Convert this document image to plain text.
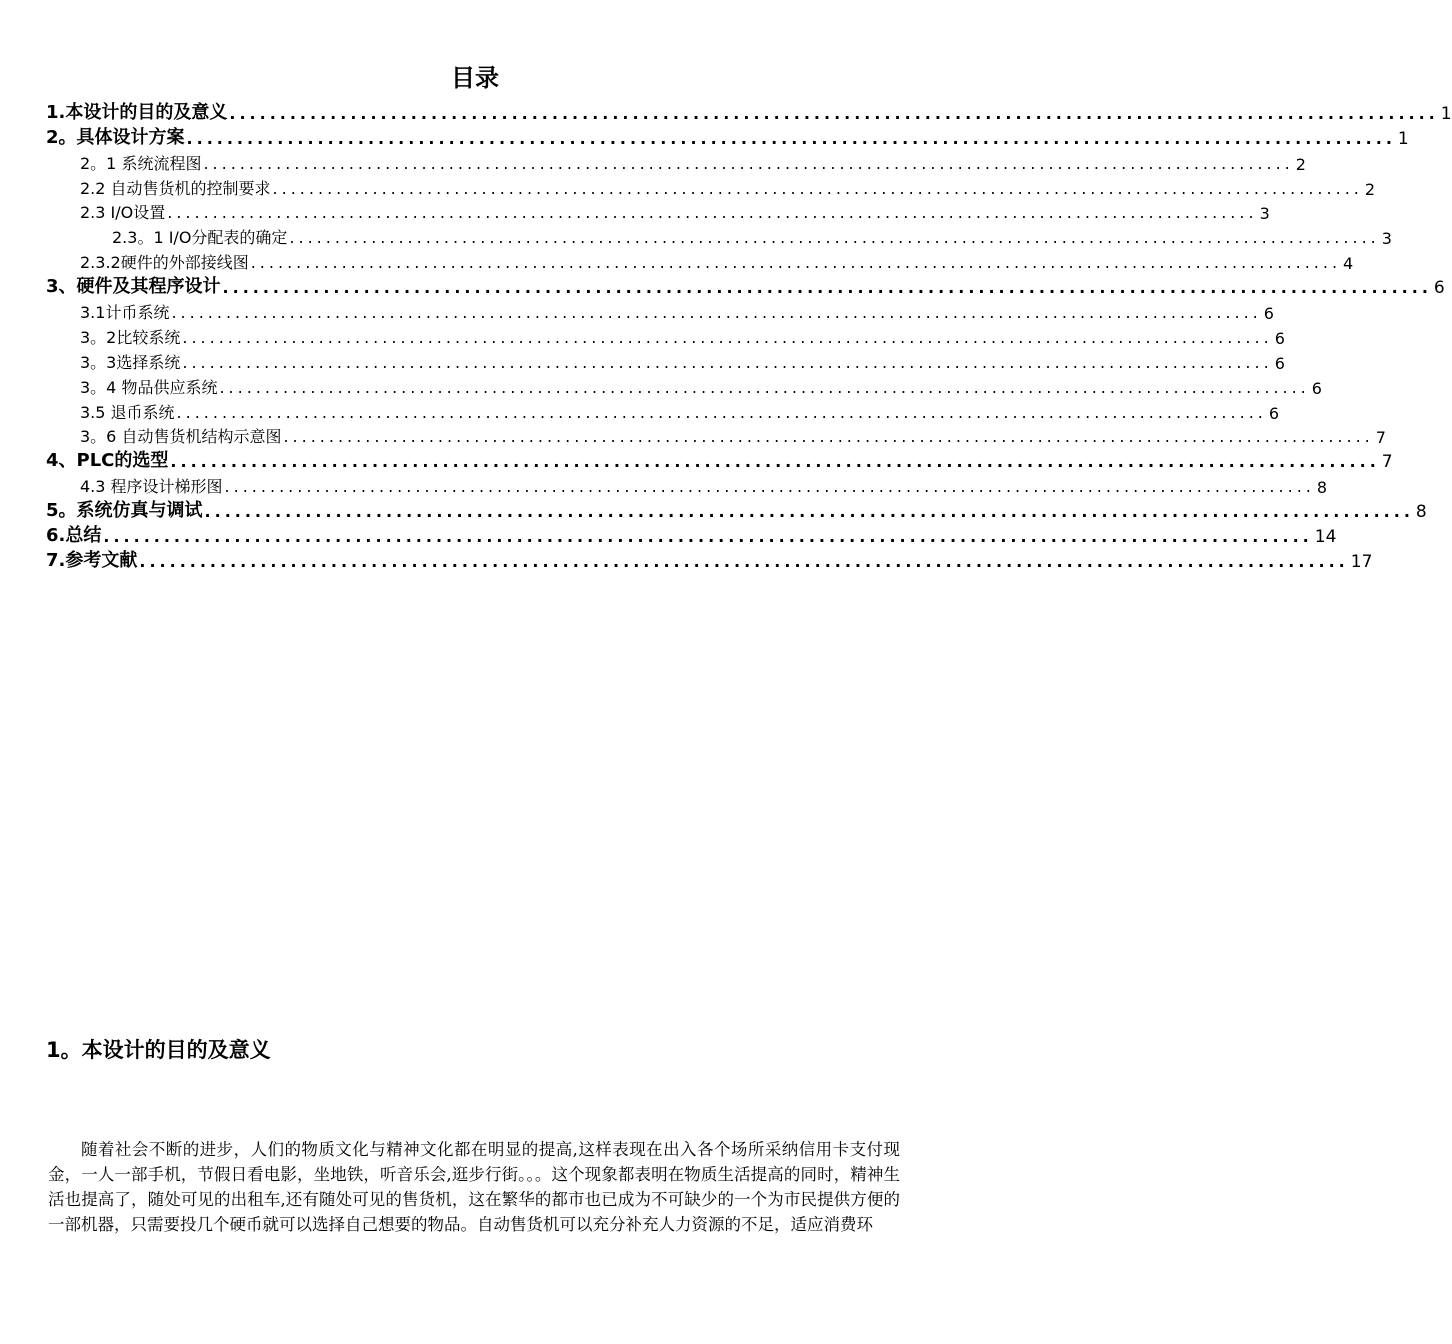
目录
1.本设计的目的及意义 ........................................................................................................................ 1
2。具体设计方案 ........................................................................................................................ 1
2。1 系统流程图 ........................................................................................................................ 2
2.2 自动售货机的控制要求 ........................................................................................................................ 2
2.3 I/O设置 ........................................................................................................................ 3
2.3。1 I/O分配表的确定 ........................................................................................................................ 3
2.3.2硬件的外部接线图 ........................................................................................................................ 4
3、硬件及其程序设计 ........................................................................................................................ 6
3.1计币系统 ........................................................................................................................ 6
3。2比较系统 ........................................................................................................................ 6
3。3选择系统 ........................................................................................................................ 6
3。4 物品供应系统 ........................................................................................................................ 6
3.5 退币系统 ........................................................................................................................ 6
3。6 自动售货机结构示意图 ........................................................................................................................ 7
4、PLC的选型 ........................................................................................................................ 7
4.3 程序设计梯形图 ........................................................................................................................ 8
5。系统仿真与调试 ........................................................................................................................ 8
6.总结 ........................................................................................................................ 14
7.参考文献 ........................................................................................................................ 17
1。本设计的目的及意义

随着社会不断的进步，人们的物质文化与精神文化都在明显的提高,这样表现在出入各个场所采纳信用卡支付现金，一人一部手机，节假日看电影，坐地铁，听音乐会,逛步行街。。。这个现象都表明在物质生活提高的同时，精神生活也提高了，随处可见的出租车,还有随处可见的售货机，这在繁华的都市也已成为不可缺少的一个为市民提供方便的一部机器，只需要投几个硬币就可以选择自己想要的物品。自动售货机可以充分补充人力资源的不足，适应消费环
